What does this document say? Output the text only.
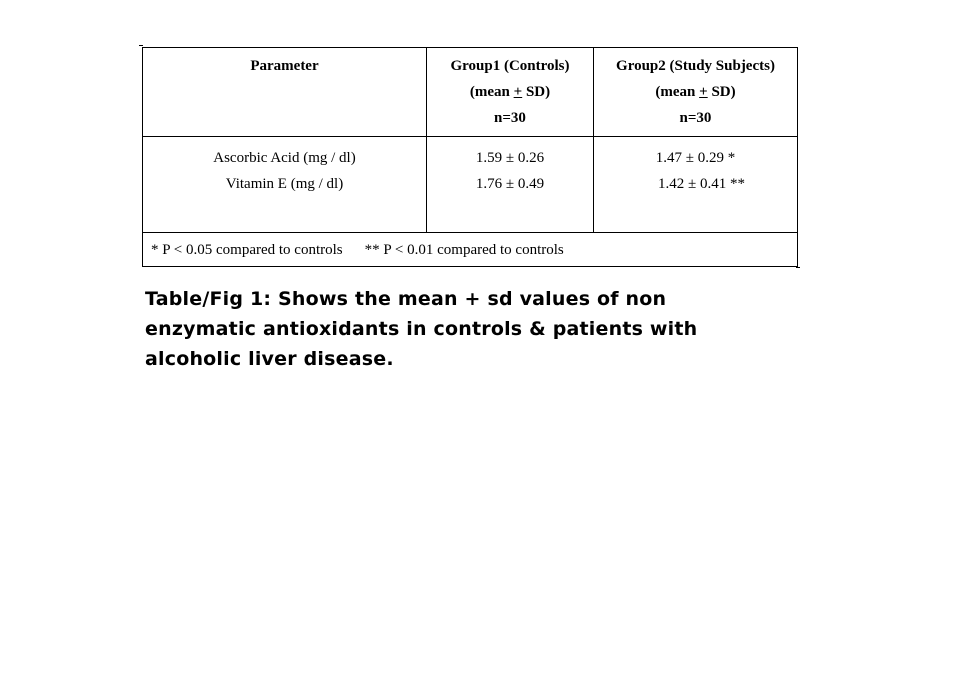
Parameter	Group1 (Controls)
(mean + SD)
n=30
Group2 (Study Subjects)
(mean + SD)
n=30
Ascorbic Acid (mg / dl)
Vitamin E (mg / dl)
1.59 ± 0.26
1.76 ± 0.49
1.47 ± 0.29 *
1.42 ± 0.41 **
* P < 0.05 compared to controls ** P < 0.01 compared to controls
Table/Fig 1: Shows the mean + sd values of non enzymatic antioxidants in controls & patients with alcoholic liver disease.
